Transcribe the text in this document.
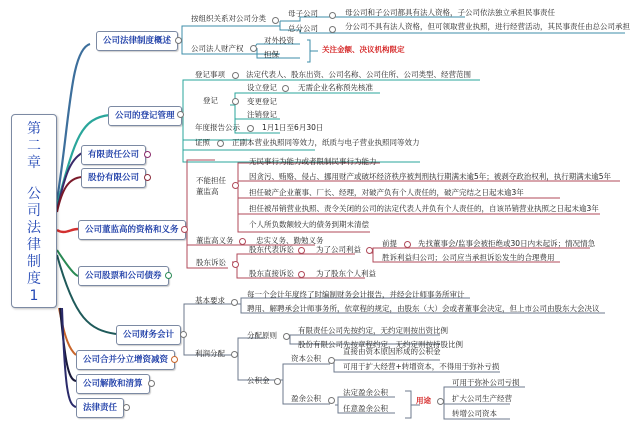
第
二
章
公
司
法
律
制
度
1
公司法律制度概述
按组织关系对公司分类
母子公司	母公司和子公司都具有法人资格，子公司依法独立承担民事责任
总分公司	分公司不具有法人资格，但可领取营业执照，进行经营活动，其民事责任由总公司承担
公司法人财产权
对外投资
担保
关注金额、决议机构限定
公司的登记管理
登记事项	法定代表人、股东出资、公司名称、公司住所、公司类型、经营范围
登记
设立登记	无需企业名称预先核准
变更登记
注销登记
年度报告公示	1月1日至6月30日
证照	正副本营业执照同等效力，纸质与电子营业执照同等效力
有限责任公司
股份有限公司
公司董监高的资格和义务
不能担任
董监高
无民事行为能力或者限制民事行为能力
因贪污、贿赂、侵占、挪用财产或破坏经济秩序被判刑执行期满未逾5年；被剥夺政治权利，执行期满未逾5年
担任破产企业董事、厂长、经理，对破产负有个人责任的，破产完结之日起未逾3年
担任被吊销营业执照、责令关闭的公司的法定代表人并负有个人责任的，自该吊销营业执照之日起未逾3年
个人所负数额较大的债务到期未清偿
董监高义务	忠实义务、勤勉义务
股东诉讼
股东代表诉讼	为了公司利益
前提	先找董事会/监事会被拒绝或30日内未起诉；情况情急
胜诉利益归公司；公司应当承担诉讼发生的合理费用
股东直接诉讼	为了股东个人利益
公司股票和公司债券
公司财务会计
基本要求
每一个会计年度终了时编制财务会计报告，并经会计师事务所审计
聘用、解聘承会计师事务所，依章程的规定，由股东（大）会或者董事会决定，但上市公司由股东大会决议
利润分配
分配原则
有限责任公司先按约定，无约定则按出资比例
股份有限公司先按章程约定，无约定则按持股比例
公积金
资本公积
直接由资本原因形成的公积金
可用于扩大经营+转增资本，不得用于弥补亏损
盈余公积
法定盈余公积
任意盈余公积
用途
可用于弥补公司亏损
扩大公司生产经营
转增公司资本
公司合并分立增资减资
公司解散和清算
法律责任
